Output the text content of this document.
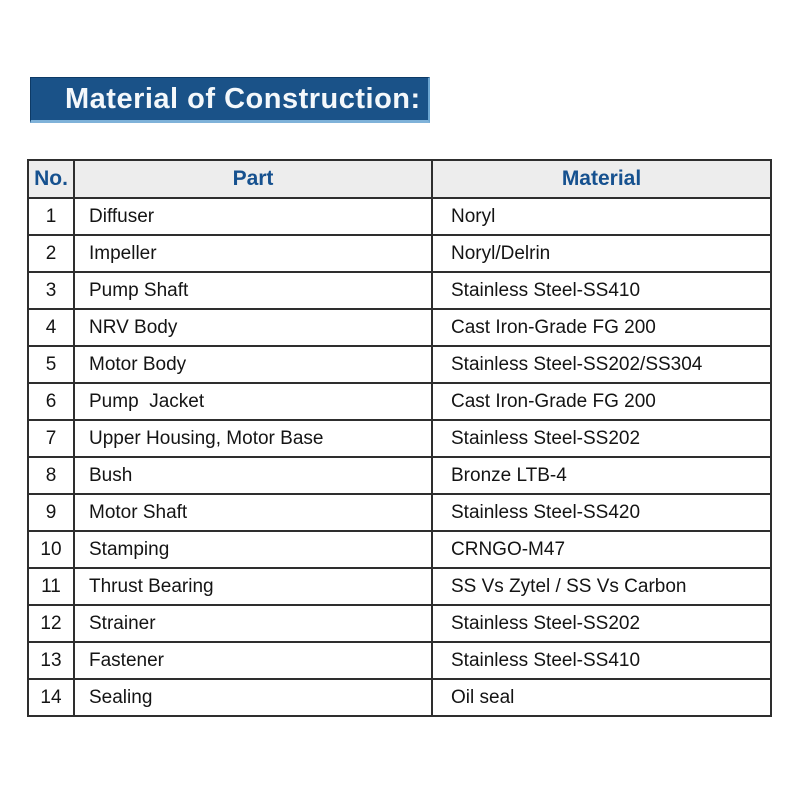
Material of Construction:
No.	Part	Material
1	Diffuser	Noryl
2	Impeller	Noryl/Delrin
3	Pump Shaft	Stainless Steel-SS410
4	NRV Body	Cast Iron-Grade FG 200
5	Motor Body	Stainless Steel-SS202/SS304
6	Pump  Jacket	Cast Iron-Grade FG 200
7	Upper Housing, Motor Base	Stainless Steel-SS202
8	Bush	Bronze LTB-4
9	Motor Shaft	Stainless Steel-SS420
10	Stamping	CRNGO-M47
11	Thrust Bearing	SS Vs Zytel / SS Vs Carbon
12	Strainer	Stainless Steel-SS202
13	Fastener	Stainless Steel-SS410
14	Sealing	Oil seal
